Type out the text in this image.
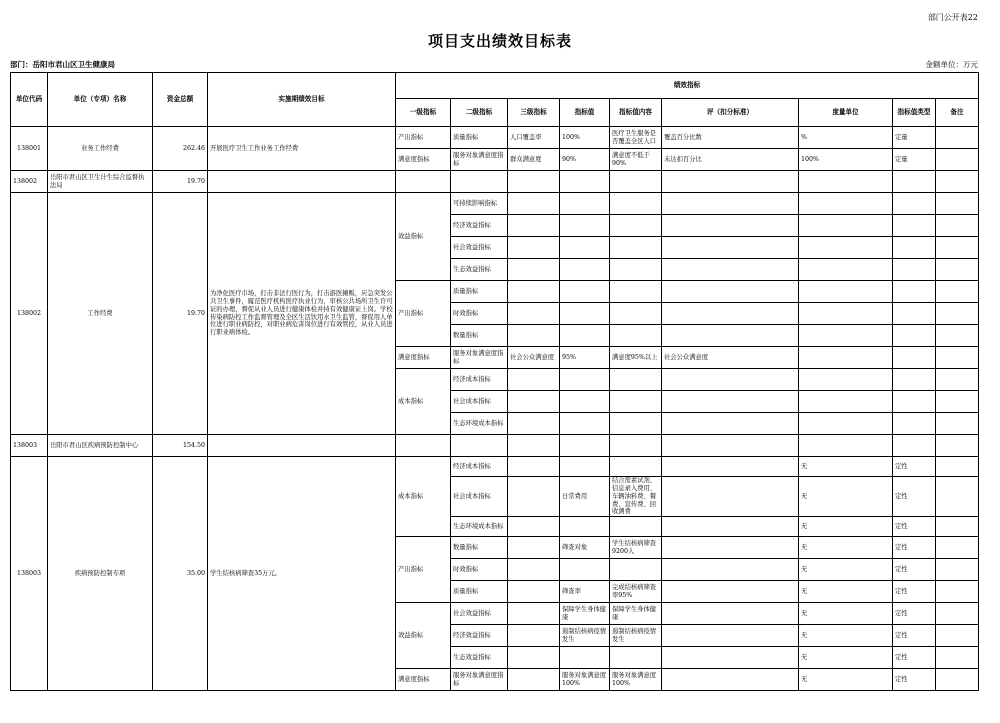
部门公开表22
项目支出绩效目标表
部门：岳阳市君山区卫生健康局	金额单位：万元
单位代码	单位（专项）名称	资金总额	实施期绩效目标	绩效指标								
				一级指标	二级指标	三级指标	指标值	指标值内容	评（扣分标准）	度量单位	指标值类型	备注
138001	业务工作经费	262.46	开展医疗卫生工作业务工作经费	产出指标	质量指标	人口覆盖率	100%	医疗卫生服务是否覆盖全区人口	覆盖百分比数	%	定量	
				满意度指标	服务对象满意度指标	群众满意度	90%	满意度不低于90%	未达扣百分比	100%	定量	
138002	岳阳市君山区卫生计生综合监督执法局	19.70										
138002	工作经费	19.70	为净化医疗市场，打击非法行医行为，打击游医摊贩，应急突发公共卫生事件，履范医疗机构医疗执业行为，审核公共场所卫生许可证的办理，督促从业人员进行健康体检并持有效健康证上岗。学校传染病防控工作监督管理及全区生活饮用水卫生监管，督促用人单位进行职业病防控，对职业病危害岗位进行有效管控，从业人员进行职业病体检。	效益指标	可持续影响指标							
					经济效益指标							
					社会效益指标							
					生态效益指标							
				产出指标	质量指标							
					时效指标							
					数量指标							
				满意度指标	服务对象满意度指标	社会公众满意度	95%	满意度95%以上	社会公众满意度			
				成本指标	经济成本指标							
					社会成本指标							
					生态环境成本指标							
138003	岳阳市君山区疾病预防控制中心	154.50										
138003	疾病预防控制专项	35.00	学生结核病筛查35万元。	成本指标	经济成本指标					无	定性	
					社会成本指标		日常费用	结合需素试剂、信息录入费用、车辆油料费、餐费、宣传费、回收测费		无	定性	
					生态环境成本指标					无	定性	
				产出指标	数量指标		筛查对象	学生结核病筛查9200人		无	定性	
					时效指标					无	定性	
					质量指标		筛查率	完成结核病筛查率95%		无	定性	
				效益指标	社会效益指标		保障学生身体健康	保障学生身体健康		无	定性	
					经济效益指标		遏制结核病疫情发生	遏制结核病疫情发生		无	定性	
					生态效益指标					无	定性	
				满意度指标	服务对象满意度指标		服务对象满意度100%	服务对象满意度100%		无	定性	
